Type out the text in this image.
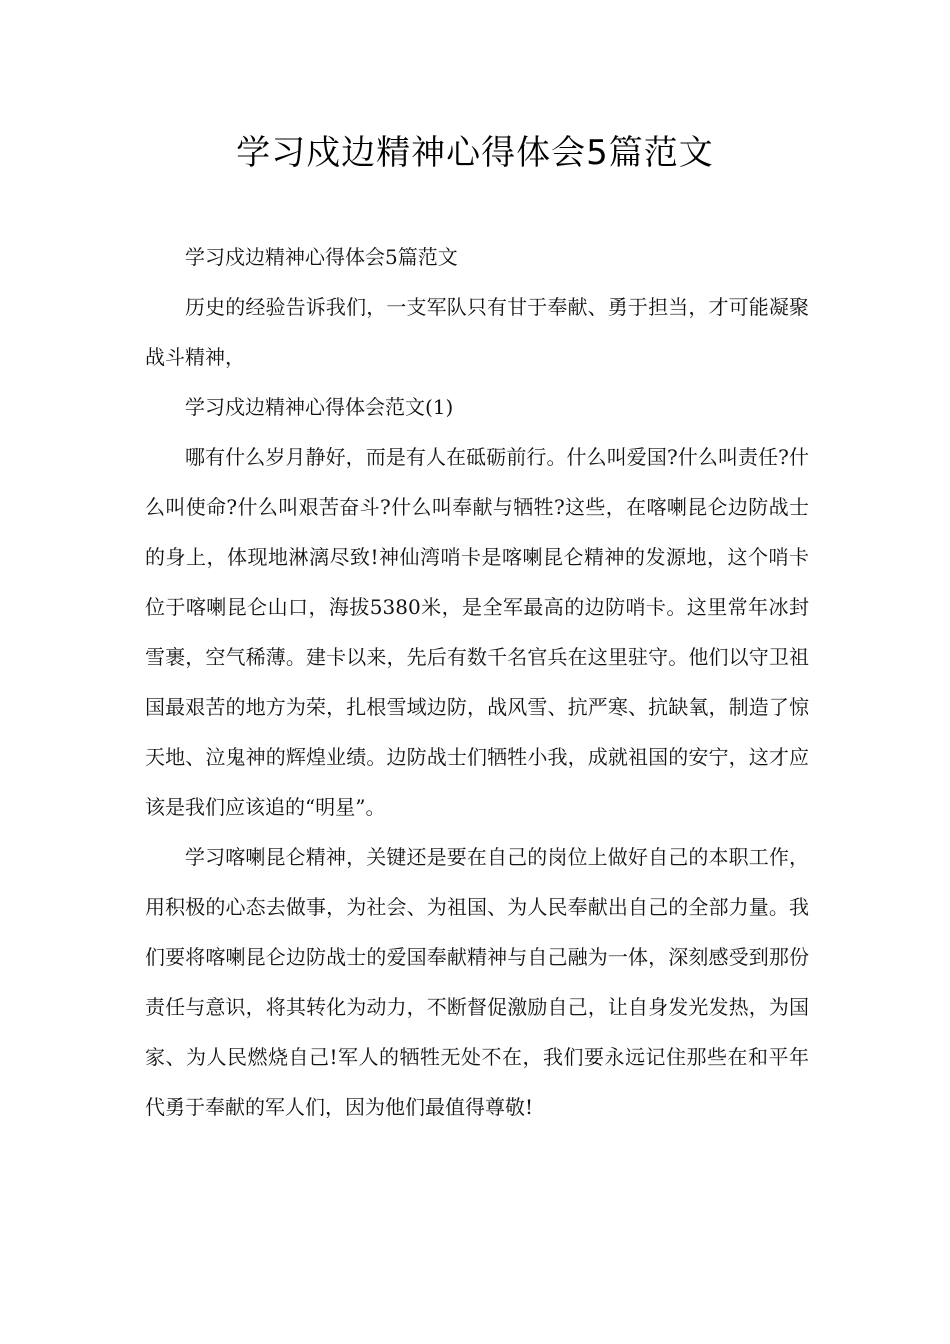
学习戍边精神心得体会5篇范文

学习戍边精神心得体会5篇范文

历史的经验告诉我们，一支军队只有甘于奉献、勇于担当，才可能凝聚战斗精神，

学习戍边精神心得体会范文(1)

哪有什么岁月静好，而是有人在砥砺前行。什么叫爱国?什么叫责任?什么叫使命?什么叫艰苦奋斗?什么叫奉献与牺牲?这些，在喀喇昆仑边防战士的身上，体现地淋漓尽致!神仙湾哨卡是喀喇昆仑精神的发源地，这个哨卡位于喀喇昆仑山口，海拔5380米，是全军最高的边防哨卡。这里常年冰封雪裹，空气稀薄。建卡以来，先后有数千名官兵在这里驻守。他们以守卫祖国最艰苦的地方为荣，扎根雪域边防，战风雪、抗严寒、抗缺氧，制造了惊天地、泣鬼神的辉煌业绩。边防战士们牺牲小我，成就祖国的安宁，这才应该是我们应该追的“明星”。

学习喀喇昆仑精神，关键还是要在自己的岗位上做好自己的本职工作，用积极的心态去做事，为社会、为祖国、为人民奉献出自己的全部力量。我们要将喀喇昆仑边防战士的爱国奉献精神与自己融为一体，深刻感受到那份责任与意识，将其转化为动力，不断督促激励自己，让自身发光发热，为国家、为人民燃烧自己!军人的牺牲无处不在，我们要永远记住那些在和平年代勇于奉献的军人们，因为他们最值得尊敬!
